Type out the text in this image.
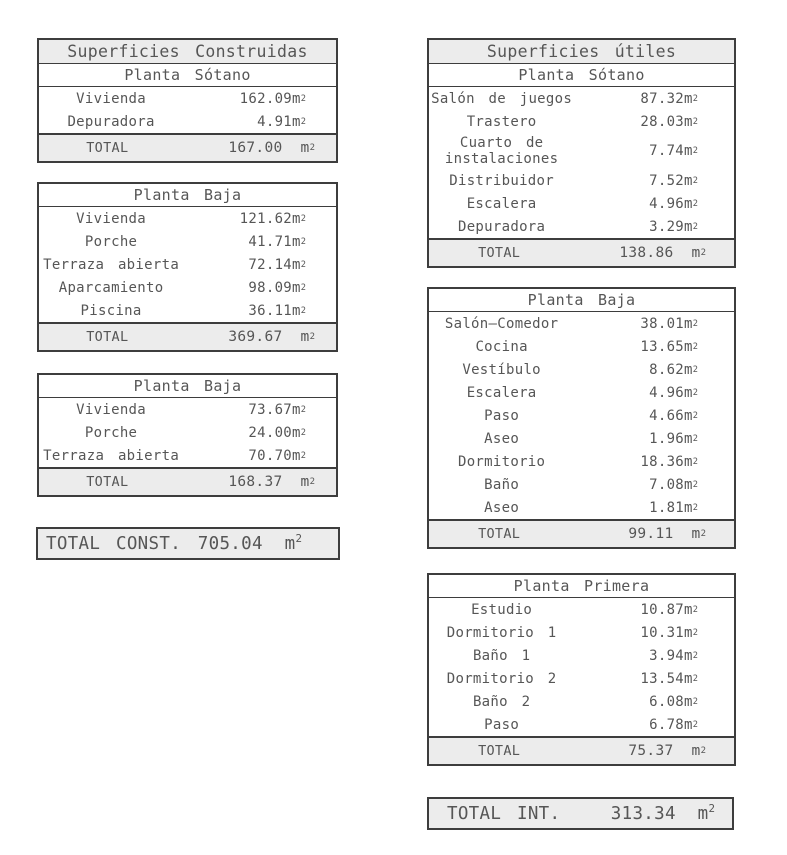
Superficies Construidas
Planta Sótano
Vivienda	162.09m 2
Depuradora	4.91m 2
TOTAL	167.00 m 2
Planta Baja
Vivienda	121.62m 2
Porche	41.71m 2
Terraza abierta	72.14m 2
Aparcamiento	98.09m 2
Piscina	36.11m 2
TOTAL	369.67 m 2
Planta Baja
Vivienda	73.67m 2
Porche	24.00m 2
Terraza abierta	70.70m 2
TOTAL	168.37 m 2
TOTAL CONST. 705.04 $m^2$
Superficies útiles
Planta Sótano
Salón de juegos	87.32m 2
Trastero	28.03m 2
Cuarto de instalaciones	7.74m 2
Distribuidor	7.52m 2
Escalera	4.96m 2
Depuradora	3.29m 2
TOTAL	138.86 m 2
Planta Baja
Salón–Comedor	38.01m 2
Cocina	13.65m 2
Vestíbulo	8.62m 2
Escalera	4.96m 2
Paso	4.66m 2
Aseo	1.96m 2
Dormitorio	18.36m 2
Baño	7.08m 2
Aseo	1.81m 2
TOTAL	99.11 m 2
Planta Primera
Estudio	10.87m 2
Dormitorio 1	10.31m 2
Baño 1	3.94m 2
Dormitorio 2	13.54m 2
Baño 2	6.08m 2
Paso	6.78m 2
TOTAL	75.37 m 2
TOTAL INT.	313.34 $m^2$
